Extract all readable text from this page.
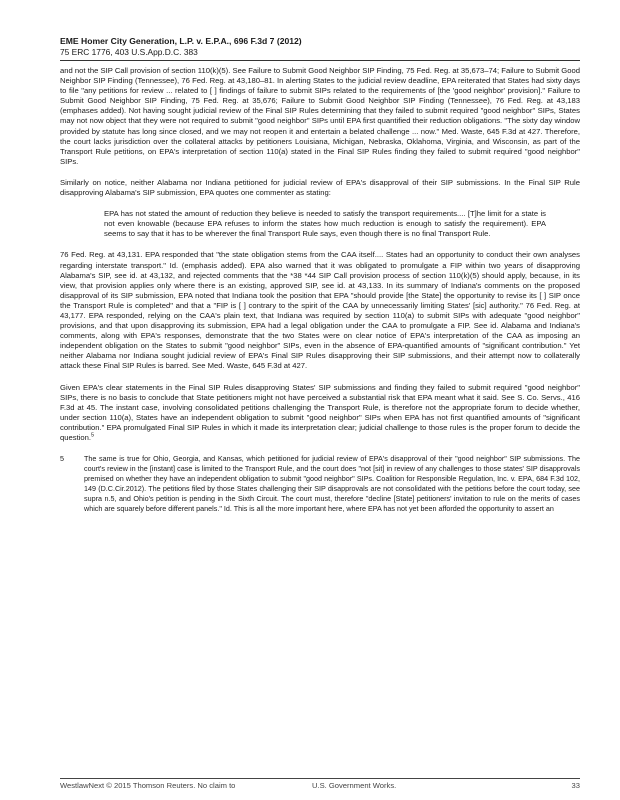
EME Homer City Generation, L.P. v. E.P.A., 696 F.3d 7 (2012)
75 ERC 1776, 403 U.S.App.D.C. 383

and not the SIP Call provision of section 110(k)(5). See Failure to Submit Good Neighbor SIP Finding, 75 Fed. Reg. at 35,673–74; Failure to Submit Good Neighbor SIP Finding (Tennessee), 76 Fed. Reg. at 43,180–81. In alerting States to the judicial review deadline, EPA reiterated that States had sixty days to file "any petitions for review ... related to [ ] findings of failure to submit SIPs related to the requirements of [the 'good neighbor' provision]." Failure to Submit Good Neighbor SIP Finding, 75 Fed. Reg. at 35,676; Failure to Submit Good Neighbor SIP Finding (Tennessee), 76 Fed. Reg. at 43,183 (emphases added). Not having sought judicial review of the Final SIP Rules determining that they failed to submit required "good neighbor" SIPs, States may not now object that they were not required to submit "good neighbor" SIPs until EPA first quantified their reduction obligations. "The sixty day window provided by statute has long since closed, and we may not reopen it and entertain a belated challenge ... now." Med. Waste, 645 F.3d at 427. Therefore, the court lacks jurisdiction over the collateral attacks by petitioners Louisiana, Michigan, Nebraska, Oklahoma, Virginia, and Wisconsin, as part of the Transport Rule petitions, on EPA's interpretation of section 110(a) stated in the Final SIP Rules finding they failed to submit required "good neighbor" SIPs.

Similarly on notice, neither Alabama nor Indiana petitioned for judicial review of EPA's disapproval of their SIP submissions. In the Final SIP Rule disapproving Alabama's SIP submission, EPA quotes one commenter as stating:

EPA has not stated the amount of reduction they believe is needed to satisfy the transport requirements.... [T]he limit for a state is not even knowable (because EPA refuses to inform the states how much reduction is enough to satisfy the requirement). EPA seems to say that it has to be wherever the final Transport Rule says, even though there is no final Transport Rule.

76 Fed. Reg. at 43,131. EPA responded that "the state obligation stems from the CAA itself.... States had an opportunity to conduct their own analyses regarding interstate transport." Id. (emphasis added). EPA also warned that it was obligated to promulgate a FIP within two years of disapproving Alabama's SIP, see id. at 43,132, and rejected comments that the *38 *44 SIP Call provision process of section 110(k)(5) should apply, because, in its view, that provision applies only where there is an existing, approved SIP, see id. at 43,133. In its summary of Indiana's comments on the proposed disapproval of its SIP submission, EPA noted that Indiana took the position that EPA "should provide [the State] the opportunity to revise its [ ] SIP once the Transport Rule is completed" and that a "FIP is [ ] contrary to the spirit of the CAA by unnecessarily limiting States' [sic] authority." 76 Fed. Reg. at 43,177. EPA responded, relying on the CAA's plain text, that Indiana was required by section 110(a) to submit SIPs with adequate "good neighbor" provisions, and that upon disapproving its submission, EPA had a legal obligation under the CAA to promulgate a FIP. See id. Alabama and Indiana's comments, along with EPA's responses, demonstrate that the two States were on clear notice of EPA's interpretation of the CAA as imposing an independent obligation on the States to submit "good neighbor" SIPs, even in the absence of EPA-quantified amounts of "significant contribution." Yet neither Alabama nor Indiana sought judicial review of EPA's Final SIP Rules disapproving their SIP submissions, and their attempt now to collaterally attack these Final SIP Rules is barred. See Med. Waste, 645 F.3d at 427.

Given EPA's clear statements in the Final SIP Rules disapproving States' SIP submissions and finding they failed to submit required "good neighbor" SIPs, there is no basis to conclude that State petitioners might not have perceived a substantial risk that EPA meant what it said. See S. Co. Servs., 416 F.3d at 45. The instant case, involving consolidated petitions challenging the Transport Rule, is therefore not the appropriate forum to decide whether, under section 110(a), States have an independent obligation to submit "good neighbor" SIPs when EPA has not first quantified amounts of "significant contribution." EPA promulgated Final SIP Rules in which it made its interpretation clear; judicial challenge to those rules is the proper forum to decide the question.$^5$

5	The same is true for Ohio, Georgia, and Kansas, which petitioned for judicial review of EPA's disapproval of their "good neighbor" SIP submissions. The court's review in the [instant] case is limited to the Transport Rule, and the court does "not [sit] in review of any challenges to those states' SIP disapprovals premised on whether they have an independent obligation to submit "good neighbor" SIPs. Coalition for Responsible Regulation, Inc. v. EPA, 684 F.3d 102, 149 (D.C.Cir.2012). The petitions filed by those States challenging their SIP disapprovals are not consolidated with the petitions before the court today, see supra n.5, and Ohio's petition is pending in the Sixth Circuit. The court must, therefore "decline [State] petitioners' invitation to rule on the merits of cases which are squarely before different panels." Id. This is all the more important here, where EPA has not yet been afforded the opportunity to assert an
WestlawNext © 2015 Thomson Reuters. No claim to	U.S. Government Works.	33
